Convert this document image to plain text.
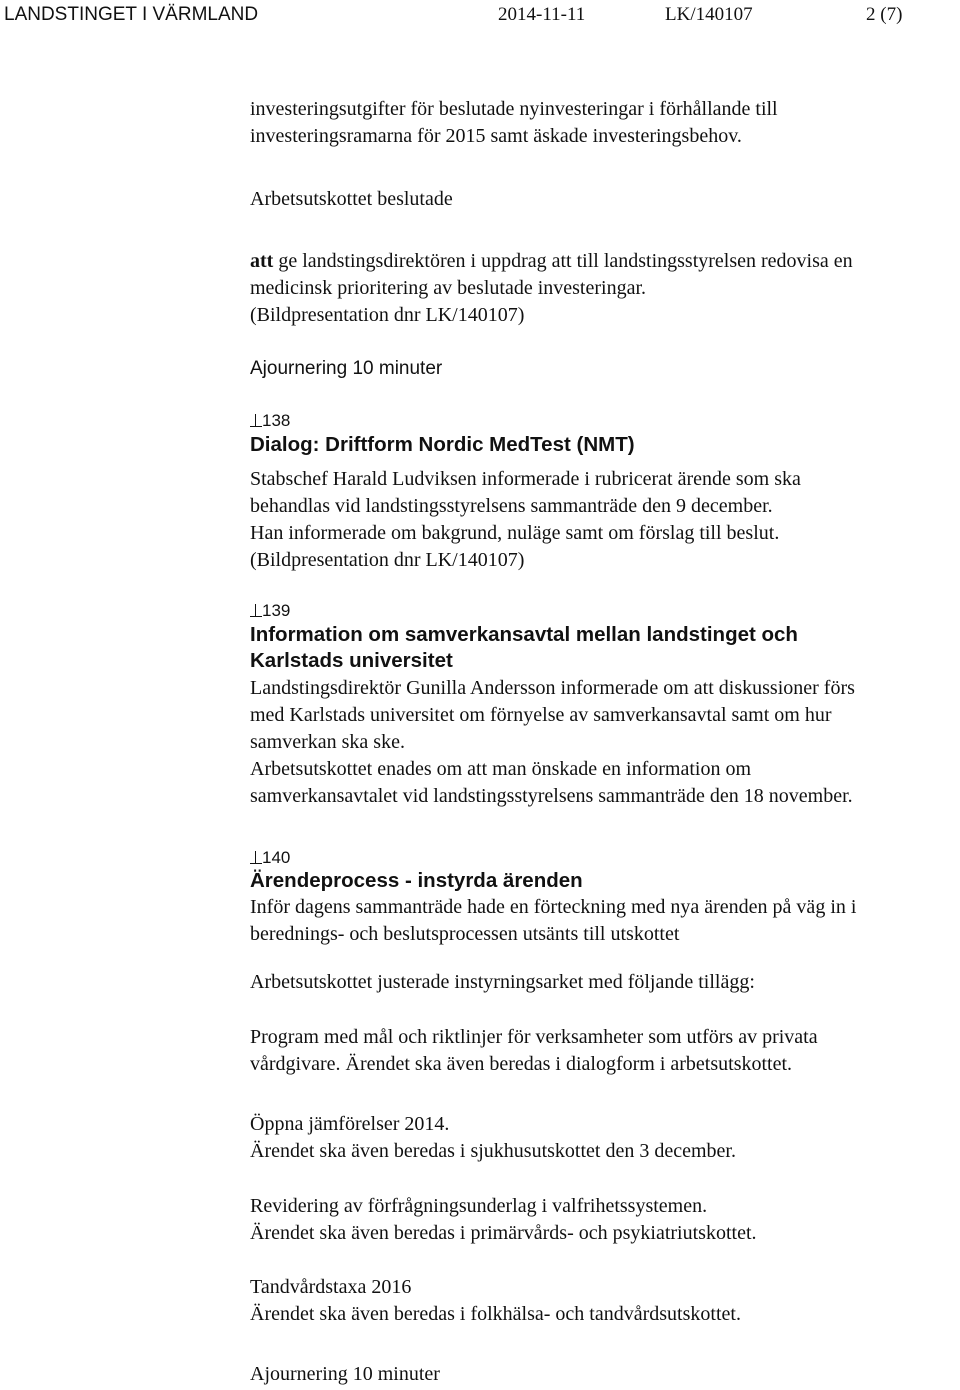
LANDSTINGET I VÄRMLAND	2014-11-11	LK/140107	2 (7)
investeringsutgifter för beslutade nyinvesteringar i förhållande till
investeringsramarna för 2015 samt äskade investeringsbehov.
Arbetsutskottet beslutade
att ge landstingsdirektören i uppdrag att till landstingsstyrelsen redovisa en
medicinsk prioritering av beslutade investeringar.
(Bildpresentation dnr LK/140107)
Ajournering 10 minuter
138
Dialog: Driftform Nordic MedTest (NMT)
Stabschef Harald Ludviksen informerade i rubricerat ärende som ska
behandlas vid landstingsstyrelsens sammanträde den 9 december.
Han informerade om bakgrund, nuläge samt om förslag till beslut.
(Bildpresentation dnr LK/140107)
139
Information om samverkansavtal mellan landstinget och
Karlstads universitet
Landstingsdirektör Gunilla Andersson informerade om att diskussioner förs
med Karlstads universitet om förnyelse av samverkansavtal samt om hur
samverkan ska ske.
Arbetsutskottet enades om att man önskade en information om
samverkansavtalet vid landstingsstyrelsens sammanträde den 18 november.
140
Ärendeprocess - instyrda ärenden
Inför dagens sammanträde hade en förteckning med nya ärenden på väg in i
berednings- och beslutsprocessen utsänts till utskottet
Arbetsutskottet justerade instyrningsarket med följande tillägg:
Program med mål och riktlinjer för verksamheter som utförs av privata
vårdgivare. Ärendet ska även beredas i dialogform i arbetsutskottet.
Öppna jämförelser 2014.
Ärendet ska även beredas i sjukhusutskottet den 3 december.
Revidering av förfrågningsunderlag i valfrihetssystemen.
Ärendet ska även beredas i primärvårds- och psykiatriutskottet.
Tandvårdstaxa 2016
Ärendet ska även beredas i folkhälsa- och tandvårdsutskottet.
Ajournering 10 minuter
